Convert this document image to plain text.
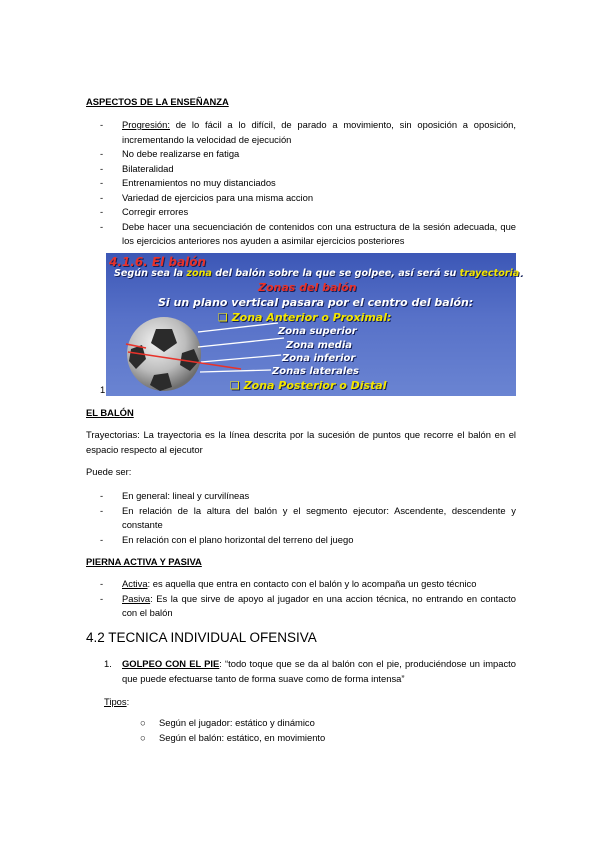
ASPECTOS DE LA ENSEÑANZA
- Progresión: de lo fácil a lo difícil, de parado a movimiento, sin oposición a oposición, incrementando la velocidad de ejecución
- No debe realizarse en fatiga
- Bilateralidad
- Entrenamientos no muy distanciados
- Variedad de ejercicios para una misma accion
- Corregir errores
- Debe hacer una secuenciación de contenidos con una estructura de la sesión adecuada, que los ejercicios anteriores nos ayuden a asimilar ejercicios posteriores
4.1.6. El balón
Según sea la zona del balón sobre la que se golpee, así será su trayectoria.
Zonas del balón
Si un plano vertical pasara por el centro del balón:
❑ Zona Anterior o Proximal:
Zona superior
Zona media
Zona inferior
Zonas laterales
❑ Zona Posterior o Distal
1
EL BALÓN
Trayectorias: La trayectoria es la línea descrita por la sucesión de puntos que recorre el balón en el espacio respecto al ejecutor
Puede ser:
- En general: lineal y curvilíneas
- En relación de la altura del balón y el segmento ejecutor: Ascendente, descendente y constante
- En relación con el plano horizontal del terreno del juego
PIERNA ACTIVA Y PASIVA
- Activa: es aquella que entra en contacto con el balón y lo acompaña un gesto técnico
- Pasiva: Es la que sirve de apoyo al jugador en una accion técnica, no entrando en contacto con el balón
4.2 TECNICA INDIVIDUAL OFENSIVA
1. GOLPEO CON EL PIE: “todo toque que se da al balón con el pie, produciéndose un impacto que puede efectuarse tanto de forma suave como de forma intensa”
Tipos:
○ Según el jugador: estático y dinámico
○ Según el balón: estático, en movimiento
